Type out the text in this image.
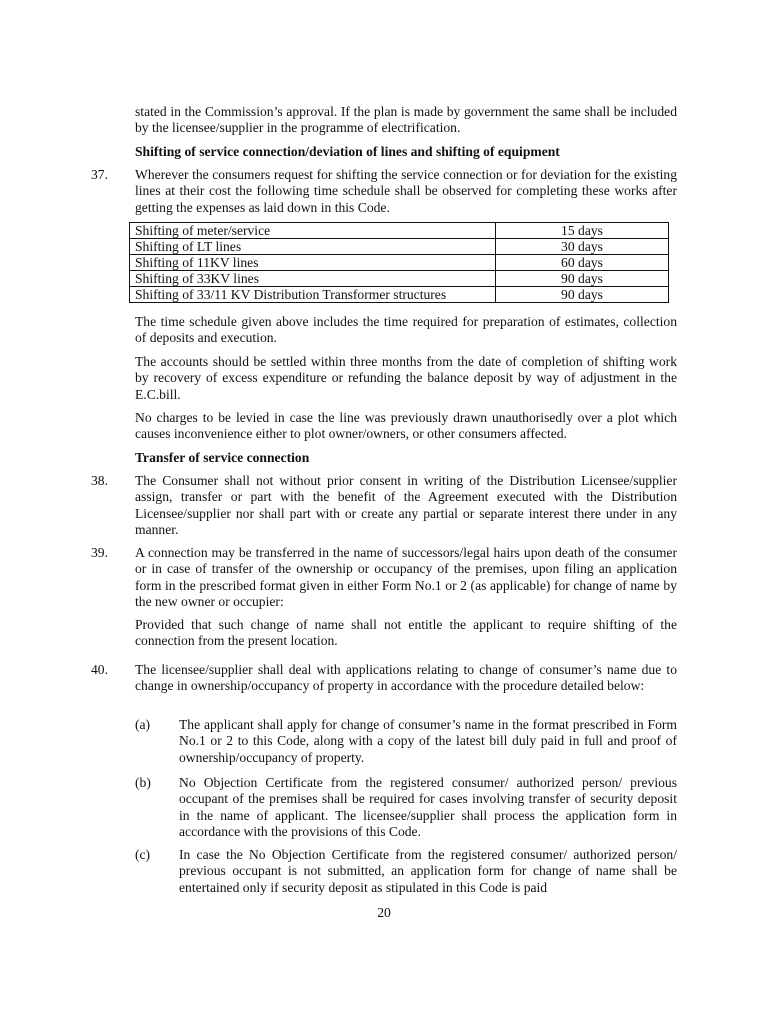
stated in the Commission’s approval. If the plan is made by government the same shall be included by the licensee/supplier in the programme of electrification.
Shifting of service connection/deviation of lines and shifting of equipment
37. Wherever the consumers request for shifting the service connection or for deviation for the existing lines at their cost the following time schedule shall be observed for completing these works after getting the expenses as laid down in this Code.
Shifting of meter/service	15 days
Shifting of LT lines	30 days
Shifting of 11KV lines	60 days
Shifting of 33KV lines	90 days
Shifting of 33/11 KV Distribution Transformer structures	90 days
The time schedule given above includes the time required for preparation of estimates, collection of deposits and execution.
The accounts should be settled within three months from the date of completion of shifting work by recovery of excess expenditure or refunding the balance deposit by way of adjustment in the E.C.bill.
No charges to be levied in case the line was previously drawn unauthorisedly over a plot which causes inconvenience either to plot owner/owners, or other consumers affected.
Transfer of service connection
38. The Consumer shall not without prior consent in writing of the Distribution Licensee/supplier assign, transfer or part with the benefit of the Agreement executed with the Distribution Licensee/supplier nor shall part with or create any partial or separate interest there under in any manner.
39. A connection may be transferred in the name of successors/legal hairs upon death of the consumer or in case of transfer of the ownership or occupancy of the premises, upon filing an application form in the prescribed format given in either Form No.1 or 2 (as applicable) for change of name by the new owner or occupier:
Provided that such change of name shall not entitle the applicant to require shifting of the connection from the present location.
40. The licensee/supplier shall deal with applications relating to change of consumer’s name due to change in ownership/occupancy of property in accordance with the procedure detailed below:
(a) The applicant shall apply for change of consumer’s name in the format prescribed in Form No.1 or 2 to this Code, along with a copy of the latest bill duly paid in full and proof of ownership/occupancy of property.
(b) No Objection Certificate from the registered consumer/ authorized person/ previous occupant of the premises shall be required for cases involving transfer of security deposit in the name of applicant. The licensee/supplier shall process the application form in accordance with the provisions of this Code.
(c) In case the No Objection Certificate from the registered consumer/ authorized person/ previous occupant is not submitted, an application form for change of name shall be entertained only if security deposit as stipulated in this Code is paid
20
